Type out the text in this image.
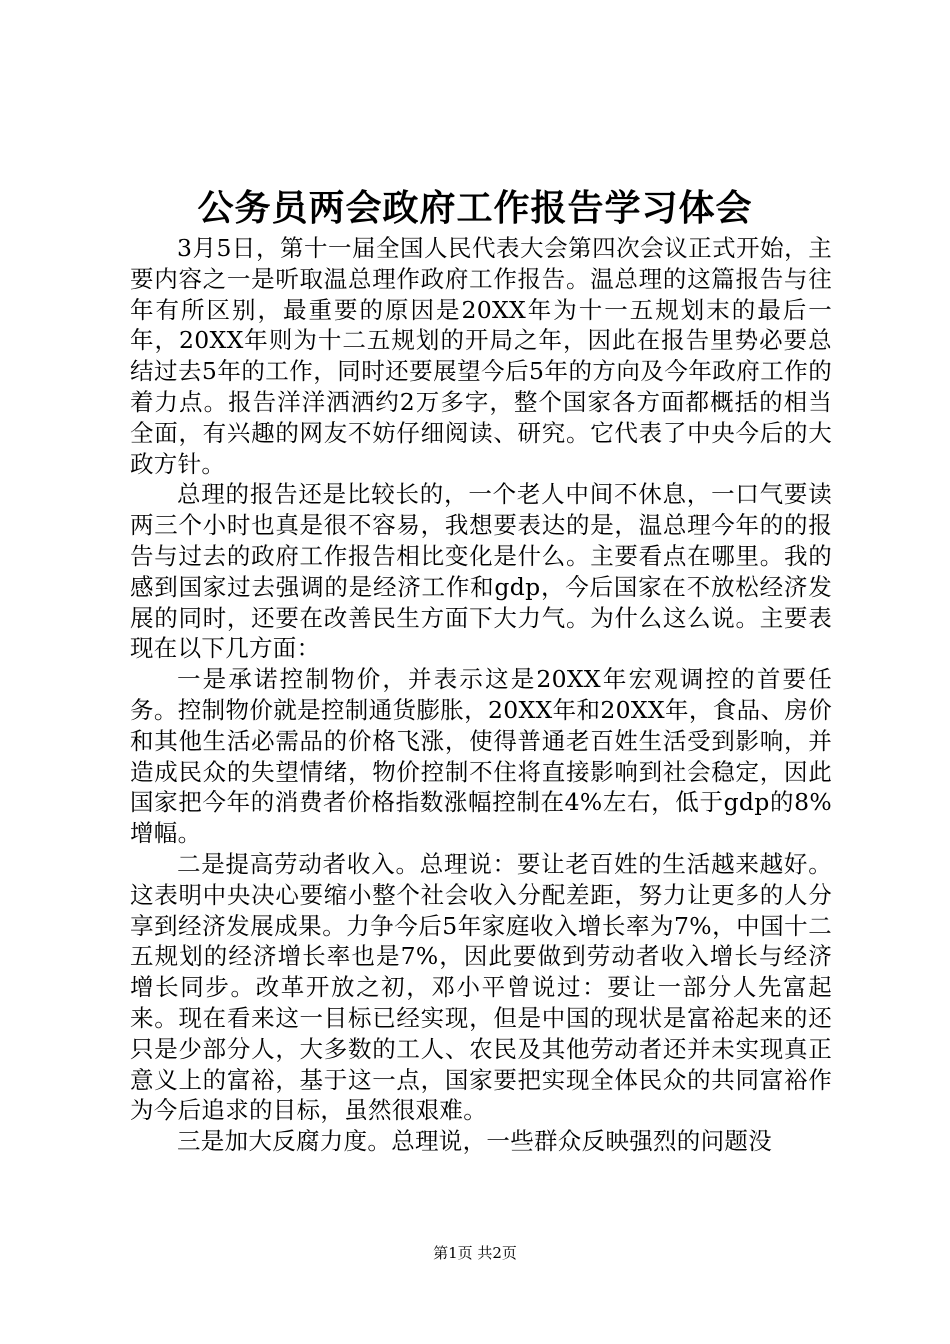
公务员两会政府工作报告学习体会

3月5日，第十一届全国人民代表大会第四次会议正式开始，主要内容之一是听取温总理作政府工作报告。温总理的这篇报告与往年有所区别，最重要的原因是20XX年为十一五规划末的最后一年，20XX年则为十二五规划的开局之年，因此在报告里势必要总结过去5年的工作，同时还要展望今后5年的方向及今年政府工作的着力点。报告洋洋洒洒约2万多字，整个国家各方面都概括的相当全面，有兴趣的网友不妨仔细阅读、研究。它代表了中央今后的大政方针。

总理的报告还是比较长的，一个老人中间不休息，一口气要读两三个小时也真是很不容易，我想要表达的是，温总理今年的的报告与过去的政府工作报告相比变化是什么。主要看点在哪里。我的感到国家过去强调的是经济工作和gdp，今后国家在不放松经济发展的同时，还要在改善民生方面下大力气。为什么这么说。主要表现在以下几方面：

一是承诺控制物价，并表示这是20XX年宏观调控的首要任务。控制物价就是控制通货膨胀，20XX年和20XX年，食品、房价和其他生活必需品的价格飞涨，使得普通老百姓生活受到影响，并造成民众的失望情绪，物价控制不住将直接影响到社会稳定，因此国家把今年的消费者价格指数涨幅控制在4%左右，低于gdp的8%增幅。

二是提高劳动者收入。总理说：要让老百姓的生活越来越好。这表明中央决心要缩小整个社会收入分配差距，努力让更多的人分享到经济发展成果。力争今后5年家庭收入增长率为7%，中国十二五规划的经济增长率也是7%，因此要做到劳动者收入增长与经济增长同步。改革开放之初，邓小平曾说过：要让一部分人先富起来。现在看来这一目标已经实现，但是中国的现状是富裕起来的还只是少部分人，大多数的工人、农民及其他劳动者还并未实现真正意义上的富裕，基于这一点，国家要把实现全体民众的共同富裕作为今后追求的目标，虽然很艰难。

三是加大反腐力度。总理说，一些群众反映强烈的问题没

第1页 共2页
